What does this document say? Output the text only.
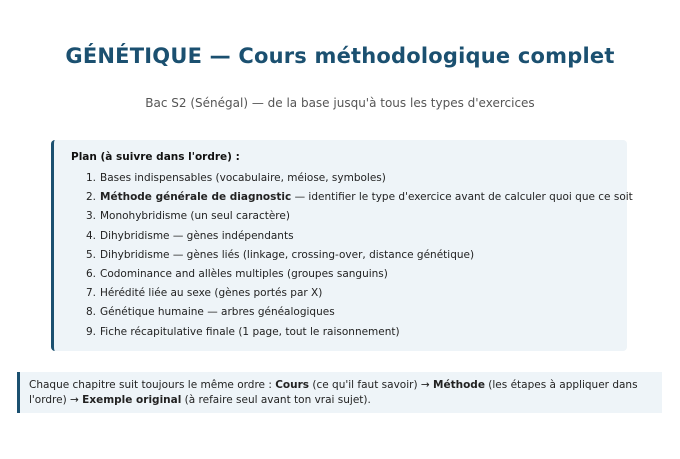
GÉNÉTIQUE — Cours méthodologique complet
Bac S2 (Sénégal) — de la base jusqu'à tous les types d'exercices
Plan (à suivre dans l'ordre) :
1. Bases indispensables (vocabulaire, méiose, symboles)
2. Méthode générale de diagnostic — identifier le type d'exercice avant de calculer quoi que ce soit
3. Monohybridisme (un seul caractère)
4. Dihybridisme — gènes indépendants
5. Dihybridisme — gènes liés (linkage, crossing-over, distance génétique)
6. Codominance and allèles multiples (groupes sanguins)
7. Hérédité liée au sexe (gènes portés par X)
8. Génétique humaine — arbres généalogiques
9. Fiche récapitulative finale (1 page, tout le raisonnement)
Chaque chapitre suit toujours le même ordre : Cours (ce qu'il faut savoir) → Méthode (les étapes à appliquer dans l'ordre) → Exemple original (à refaire seul avant ton vrai sujet).
